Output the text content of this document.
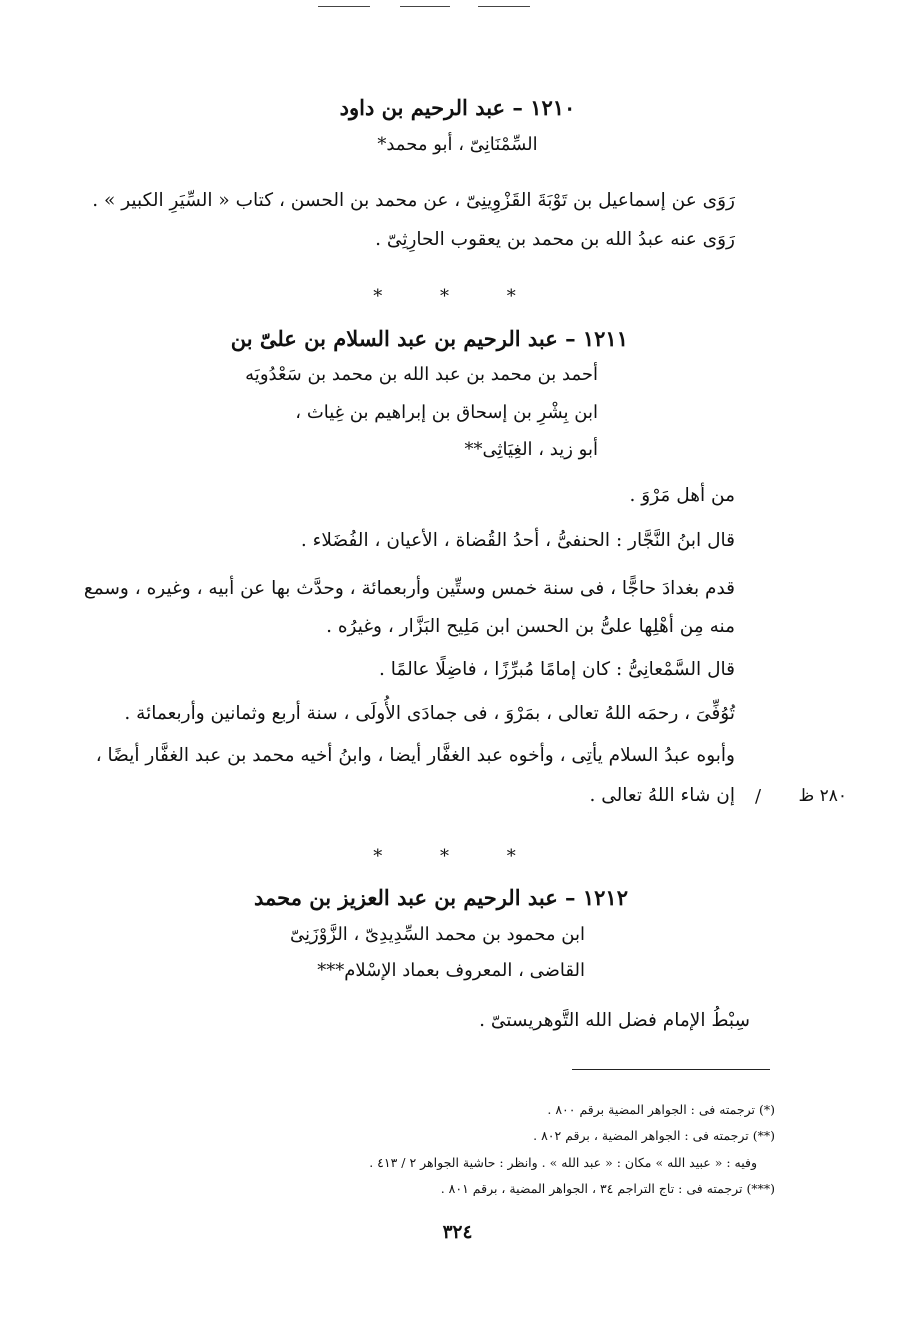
١٢١٠ – عبد الرحيم بن داود
السِّمْنَانِىّ ، أبو محمد*
رَوَى عن إسماعيل بن تَوْبَةَ القَزْوِينِىّ ، عن محمد بن الحسن ، كتاب « السِّيَرِ الكبير » .
رَوَى عنه عبدُ الله بن محمد بن يعقوب الحارِثِىّ .
* * *
١٢١١ – عبد الرحيم بن عبد السلام بن علىّ بن
أحمد بن محمد بن عبد الله بن محمد بن سَعْدُويَه
ابن بِشْرِ بن إسحاق بن إبراهيم بن غِياث ،
أبو زيد ، الغِيَاثِى**
من أهل مَرْوَ .
قال ابنُ النَّجَّار : الحنفىُّ ، أحدُ القُضاة ، الأعيان ، الفُضَلاء .
قدم بغدادَ حاجًّا ، فى سنة خمس وستِّين وأربعمائة ، وحدَّث بها عن أبيه ، وغيره ، وسمع
منه مِن أهْلِها علىُّ بن الحسن ابن مَلِيح البَزَّار ، وغيرُه .
قال السَّمْعانِىُّ : كان إمامًا مُبرِّزًا ، فاضِلًا عالمًا .
تُوُفِّىَ ، رحمَه اللهُ تعالى ، بمَرْوَ ، فى جمادَى الأُولَى ، سنة أربع وثمانين وأربعمائة .
وأبوه عبدُ السلام يأتِى ، وأخوه عبد الغفَّار أيضا ، وابنُ أخيه محمد بن عبد الغفَّار أيضًا ،
إن شاء اللهُ تعالى .	٢٨٠ ظ
/
* * *
١٢١٢ – عبد الرحيم بن عبد العزيز بن محمد
ابن محمود بن محمد السِّدِيدِىّ ، الزَّوْزَنِىّ
القاضى ، المعروف بعماد الإسْلام***
سِبْطُ الإمام فضل الله التَّوهريستىّ .
(*) ترجمته فى : الجواهر المضية برقم ٨٠٠ .
(**) ترجمته فى : الجواهر المضية ، برقم ٨٠٢ .
وفيه : « عبيد الله » مكان : « عبد الله » . وانظر : حاشية الجواهر ٢ / ٤١٣ .
(***) ترجمته فى : تاج التراجم ٣٤ ، الجواهر المضية ، برقم ٨٠١ .
٣٢٤
